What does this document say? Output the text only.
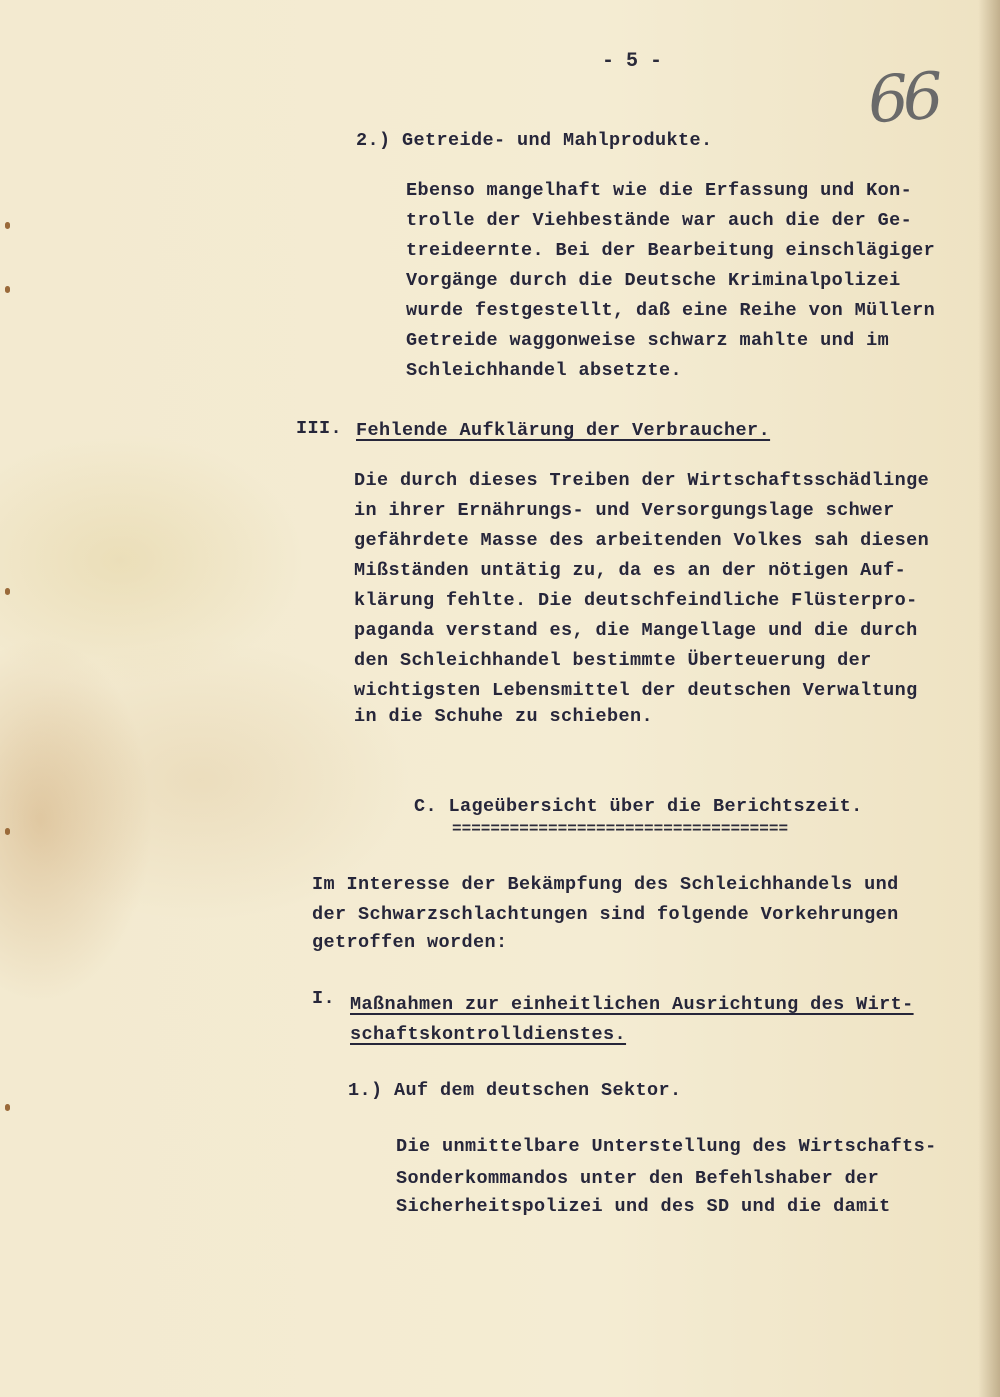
- 5 -	66
2.) Getreide- und Mahlprodukte.
Ebenso mangelhaft wie die Erfassung und Kon-
trolle der Viehbestände war auch die der Ge-
treideernte. Bei der Bearbeitung einschlägiger
Vorgänge durch die Deutsche Kriminalpolizei
wurde festgestellt, daß eine Reihe von Müllern
Getreide waggonweise schwarz mahlte und im
Schleichhandel absetzte.
III. Fehlende Aufklärung der Verbraucher.
Die durch dieses Treiben der Wirtschaftsschädlinge
in ihrer Ernährungs- und Versorgungslage schwer
gefährdete Masse des arbeitenden Volkes sah diesen
Mißständen untätig zu, da es an der nötigen Auf-
klärung fehlte. Die deutschfeindliche Flüsterpro-
paganda verstand es, die Mangellage und die durch
den Schleichhandel bestimmte Überteuerung der
wichtigsten Lebensmittel der deutschen Verwaltung
in die Schuhe zu schieben.
C. Lageübersicht über die Berichtszeit.
===================================
Im Interesse der Bekämpfung des Schleichhandels und
der Schwarzschlachtungen sind folgende Vorkehrungen
getroffen worden:
I. Maßnahmen zur einheitlichen Ausrichtung des Wirt-
schaftskontrolldienstes.
1.) Auf dem deutschen Sektor.
Die unmittelbare Unterstellung des Wirtschafts-
Sonderkommandos unter den Befehlshaber der
Sicherheitspolizei und des SD und die damit
